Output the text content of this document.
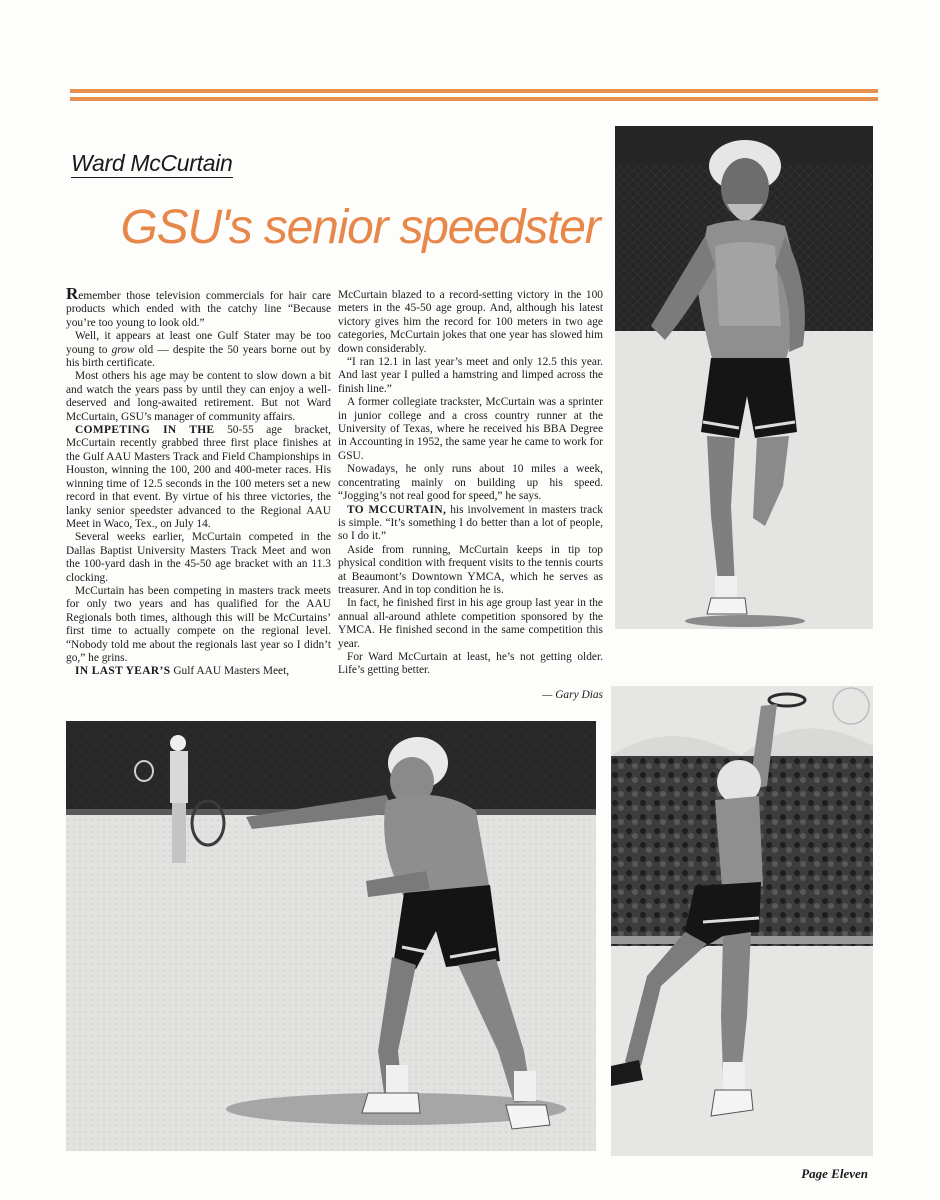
Ward McCurtain
GSU's senior speedster

Remember those television commercials for hair care products which ended with the catchy line “Because you’re too young to look old.”

Well, it appears at least one Gulf Stater may be too young to grow old — despite the 50 years borne out by his birth certificate.

Most others his age may be content to slow down a bit and watch the years pass by until they can enjoy a well-deserved and long-awaited retirement. But not Ward McCurtain, GSU’s manager of community affairs.

COMPETING IN THE 50-55 age bracket, McCurtain recently grabbed three first place finishes at the Gulf AAU Masters Track and Field Championships in Houston, winning the 100, 200 and 400-meter races. His winning time of 12.5 seconds in the 100 meters set a new record in that event. By virtue of his three victories, the lanky senior speedster advanced to the Regional AAU Meet in Waco, Tex., on July 14.

Several weeks earlier, McCurtain competed in the Dallas Baptist University Masters Track Meet and won the 100-yard dash in the 45-50 age bracket with an 11.3 clocking.

McCurtain has been competing in masters track meets for only two years and has qualified for the AAU Regionals both times, although this will be McCurtains’ first time to actually compete on the regional level. “Nobody told me about the regionals last year so I didn’t go,” he grins.

IN LAST YEAR’S Gulf AAU Masters Meet,

McCurtain blazed to a record-setting victory in the 100 meters in the 45-50 age group. And, although his latest victory gives him the record for 100 meters in two age categories, McCurtain jokes that one year has slowed him down considerably.

“I ran 12.1 in last year’s meet and only 12.5 this year. And last year I pulled a hamstring and limped across the finish line.”

A former collegiate trackster, McCurtain was a sprinter in junior college and a cross country runner at the University of Texas, where he received his BBA Degree in Accounting in 1952, the same year he came to work for GSU.

Nowadays, he only runs about 10 miles a week, concentrating mainly on building up his speed. “Jogging’s not real good for speed,” he says.

TO MCCURTAIN, his involvement in masters track is simple. “It’s something I do better than a lot of people, so I do it.”

Aside from running, McCurtain keeps in tip top physical condition with frequent visits to the tennis courts at Beaumont’s Downtown YMCA, which he serves as treasurer. And in top condition he is.

In fact, he finished first in his age group last year in the annual all-around athlete competition sponsored by the YMCA. He finished second in the same competition this year.

For Ward McCurtain at least, he’s not getting older. Life’s getting better.

— Gary Dias

Page Eleven
